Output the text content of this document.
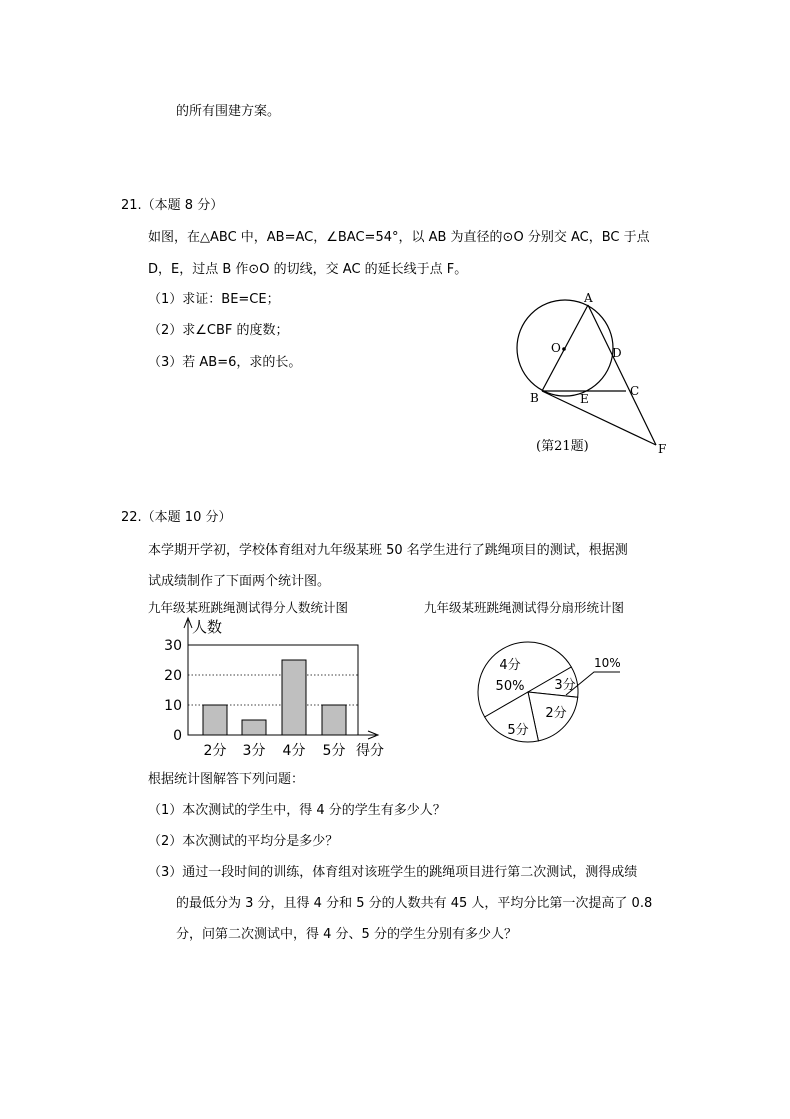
的所有围建方案。
21.（本题 8 分）
如图，在△ABC 中，AB=AC，∠BAC=54°，以 AB 为直径的⊙O 分别交 AC，BC 于点
D，E，过点 B 作⊙O 的切线，交 AC 的延长线于点 F。
（1）求证：BE=CE；
（2）求∠CBF 的度数；
（3）若 AB=6，求的长。
A
O	D
B	E
C
F
(第21题)
22.（本题 10 分）
本学期开学初，学校体育组对九年级某班 50 名学生进行了跳绳项目的测试，根据测
试成绩制作了下面两个统计图。
九年级某班跳绳测试得分人数统计图
人数
0
10
20
30
2分 3分 4分 5分 得分
九年级某班跳绳测试得分扇形统计图
4分
3分
2分
5分
50%
10%
根据统计图解答下列问题：
（1）本次测试的学生中，得 4 分的学生有多少人？
（2）本次测试的平均分是多少？
（3）通过一段时间的训练，体育组对该班学生的跳绳项目进行第二次测试，测得成绩
的最低分为 3 分，且得 4 分和 5 分的人数共有 45 人，平均分比第一次提高了 0.8
分，问第二次测试中，得 4 分、5 分的学生分别有多少人？
